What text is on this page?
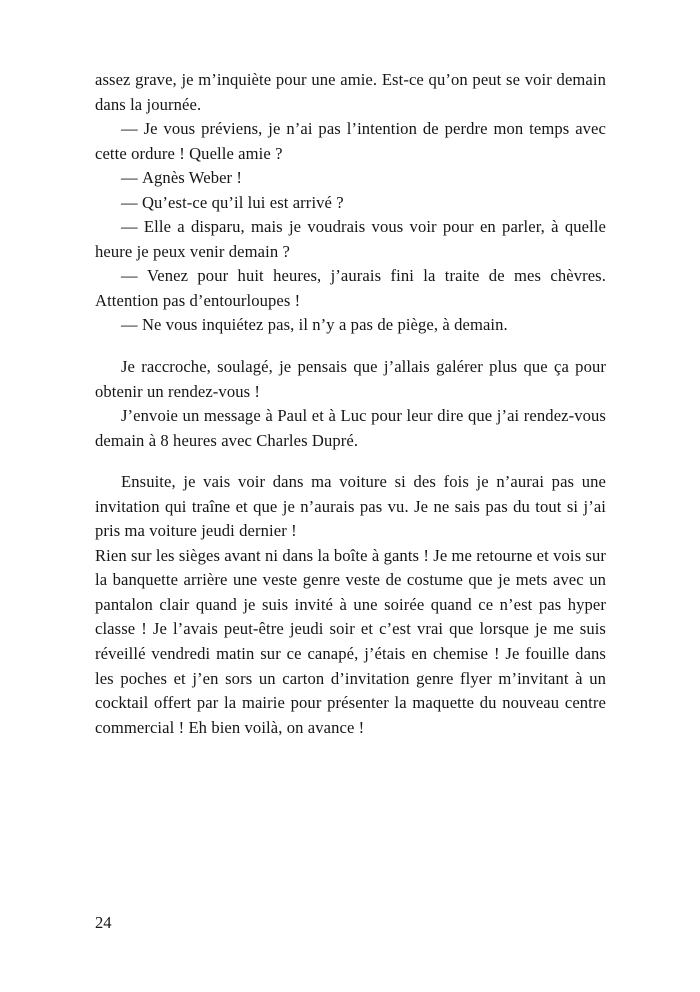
assez grave, je m’inquiète pour une amie. Est-ce qu’on peut se voir demain dans la journée.

— Je vous préviens, je n’ai pas l’intention de perdre mon temps avec cette ordure ! Quelle amie ?

— Agnès Weber !

— Qu’est-ce qu’il lui est arrivé ?

— Elle a disparu, mais je voudrais vous voir pour en parler, à quelle heure je peux venir demain ?

— Venez pour huit heures, j’aurais fini la traite de mes chèvres. Attention pas d’entourloupes !

— Ne vous inquiétez pas, il n’y a pas de piège, à demain.

Je raccroche, soulagé, je pensais que j’allais galérer plus que ça pour obtenir un rendez-vous !

J’envoie un message à Paul et à Luc pour leur dire que j’ai rendez-vous demain à 8 heures avec Charles Dupré.

Ensuite, je vais voir dans ma voiture si des fois je n’aurai pas une invitation qui traîne et que je n’aurais pas vu. Je ne sais pas du tout si j’ai pris ma voiture jeudi dernier !

Rien sur les sièges avant ni dans la boîte à gants ! Je me retourne et vois sur la banquette arrière une veste genre veste de costume que je mets avec un pantalon clair quand je suis invité à une soirée quand ce n’est pas hyper classe ! Je l’avais peut-être jeudi soir et c’est vrai que lorsque je me suis réveillé vendredi matin sur ce canapé, j’étais en chemise ! Je fouille dans les poches et j’en sors un carton d’invitation genre flyer m’invitant à un cocktail offert par la mairie pour présenter la maquette du nouveau centre commercial ! Eh bien voilà, on avance !

24
